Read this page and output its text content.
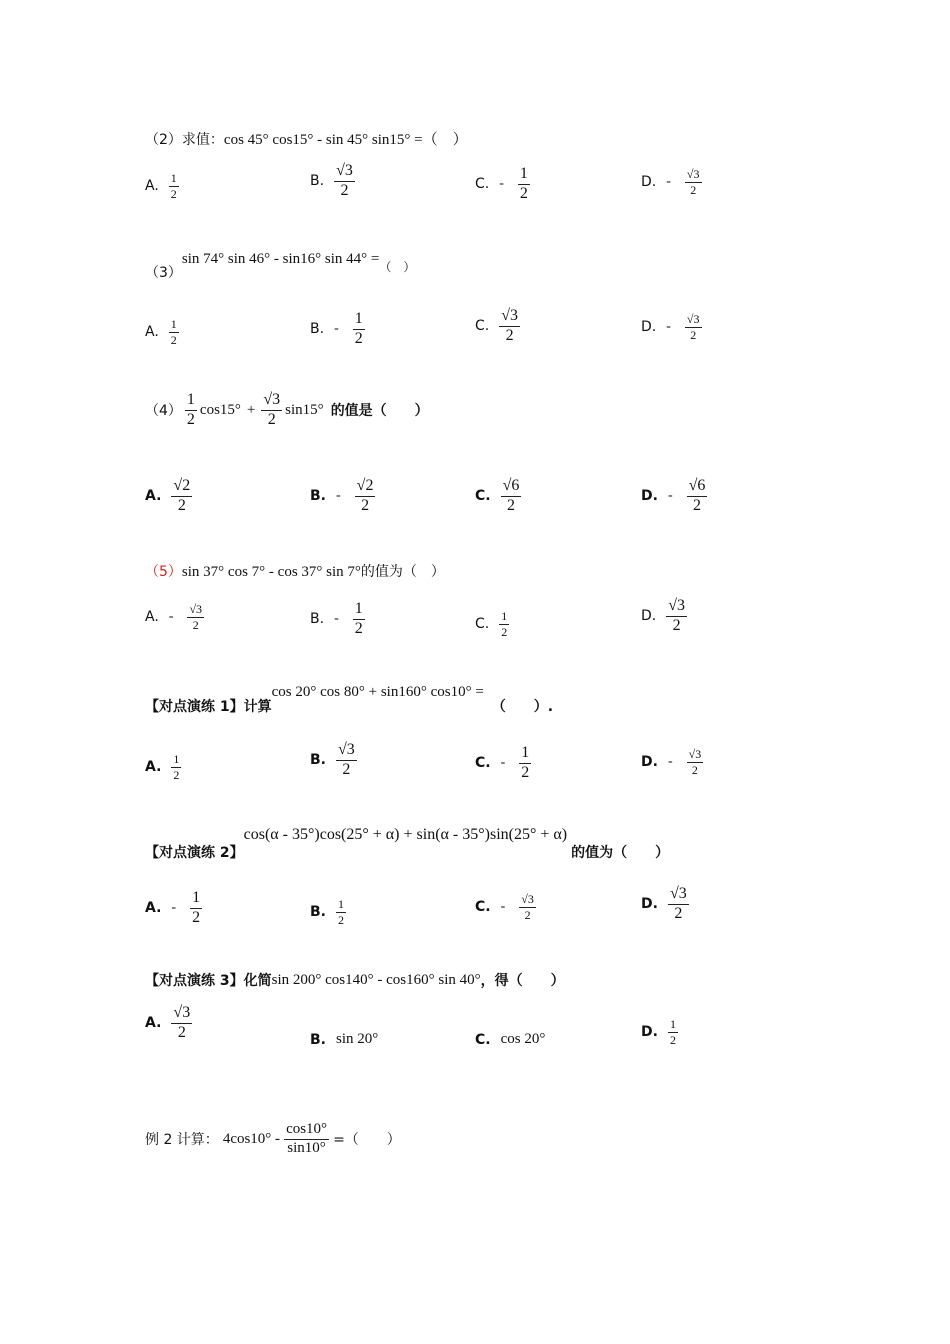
（2）求值：cos 45° cos15° - sin 45° sin15° =（　）
A. $\frac{1}{2}$	B. $\frac{√3}{2}$	C. - $\frac{1}{2}$	D. - $\frac{√3}{2}$
（3）sin 74° sin 46° - sin16° $\sin 44^\circ =_{( )}$
A. $\frac{1}{2}$	B. - $\frac{1}{2}$	C. $\frac{√3}{2}$	D. - $\frac{√3}{2}$
$(4) \frac{1}{2} \cos 15^\circ + \frac{√3}{2} \sin 15^\circ$ 的值是（　　）
A. $\frac{√2}{2}$	B. - $\frac{√2}{2}$	C. $\frac{√6}{2}$	D. - $\frac{√6}{2}$
（5）sin 37° cos 7° - cos 37° sin 7°的值为（　）
A. - $\frac{√3}{2}$	B. - $\frac{1}{2}$	C. $\frac{1}{2}$	D. $\frac{√3}{2}$
【对点演练 1】计算
cos 20° cos 80° + sin160° cos10° =
（　　）.
A. $\frac{1}{2}$	B. $\frac{√3}{2}$	C. - $\frac{1}{2}$	D. - $\frac{√3}{2}$
【对点演练 2】
cos(α - 35°)cos(25° + α) + sin(α - 35°)sin(25° + α)
的值为（　　）
A. - $\frac{1}{2}$	B. $\frac{1}{2}$	C. - $\frac{√3}{2}$	D. $\frac{√3}{2}$
【对点演练 3】化简 sin 200° cos140° - cos160° sin 40° ，得（　　）
A. $\frac{√3}{2}$	B. sin 20°	C. cos 20°	D. $\frac{1}{2}$
例 2 计算： $4\cos 10^\circ - \frac{\cos 10^\circ}{\sin 10^\circ}$ =（　　）
